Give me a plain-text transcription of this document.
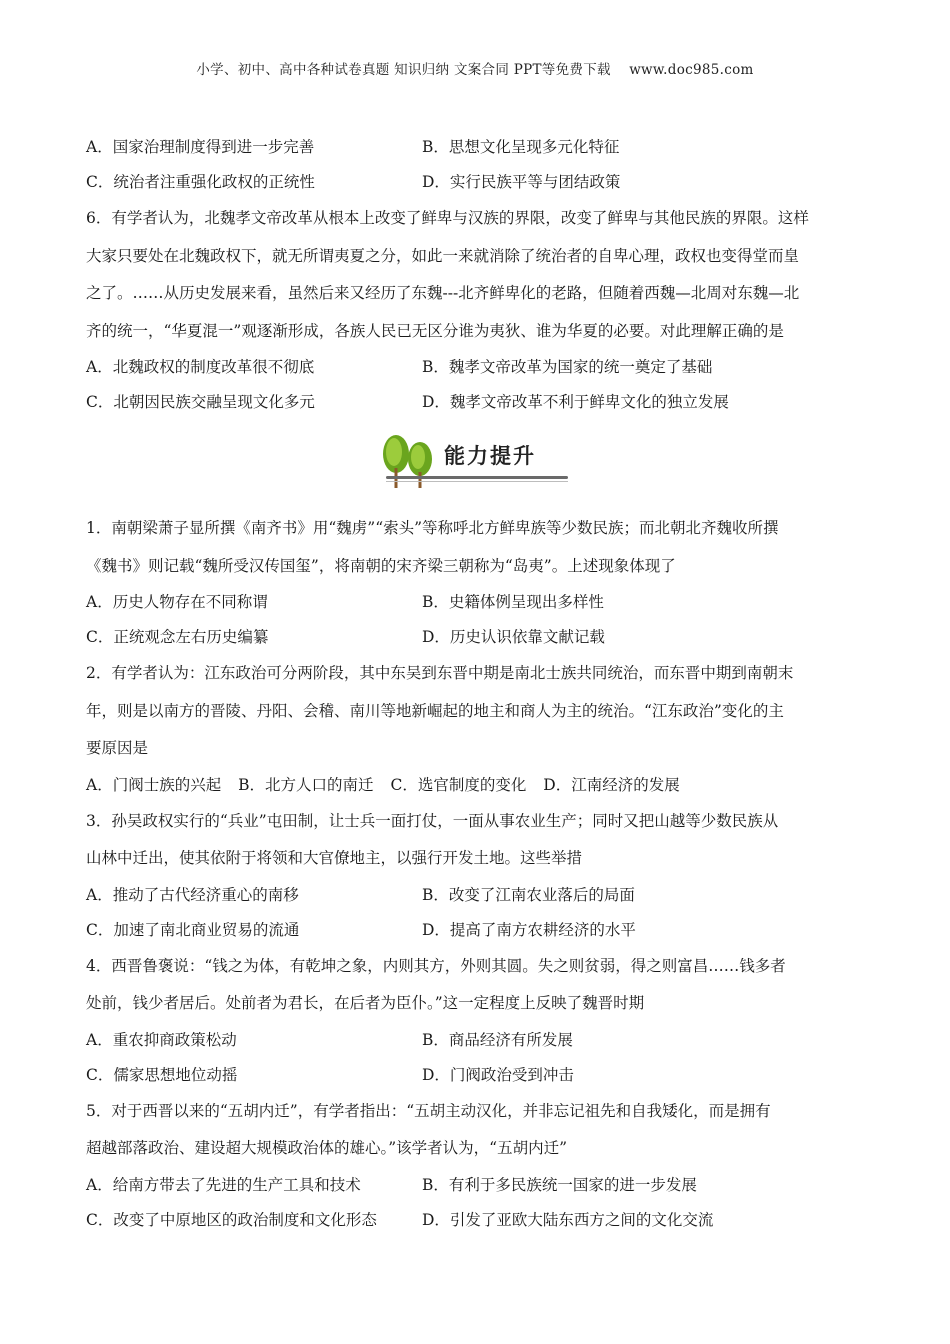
小学、初中、高中各种试卷真题 知识归纳 文案合同 PPT等免费下载　 www.doc985.com
A．国家治理制度得到进一步完善	B．思想文化呈现多元化特征
C．统治者注重强化政权的正统性	D．实行民族平等与团结政策
6．有学者认为，北魏孝文帝改革从根本上改变了鲜卑与汉族的界限，改变了鲜卑与其他民族的界限。这样
大家只要处在北魏政权下，就无所谓夷夏之分，如此一来就消除了统治者的自卑心理，政权也变得堂而皇
之了。……从历史发展来看，虽然后来又经历了东魏---北齐鲜卑化的老路，但随着西魏—北周对东魏—北
齐的统一，“华夏混一”观逐渐形成，各族人民已无区分谁为夷狄、谁为华夏的必要。对此理解正确的是
A．北魏政权的制度改革很不彻底	B．魏孝文帝改革为国家的统一奠定了基础
C．北朝因民族交融呈现文化多元	D．魏孝文帝改革不利于鲜卑文化的独立发展
能力提升
1．南朝梁萧子显所撰《南齐书》用“魏虏”“索头”等称呼北方鲜卑族等少数民族；而北朝北齐魏收所撰
《魏书》则记载“魏所受汉传国玺”，将南朝的宋齐梁三朝称为“岛夷”。上述现象体现了
A．历史人物存在不同称谓	B．史籍体例呈现出多样性
C．正统观念左右历史编纂	D．历史认识依靠文献记载
2．有学者认为：江东政治可分两阶段，其中东吴到东晋中期是南北士族共同统治，而东晋中期到南朝末
年，则是以南方的晋陵、丹阳、会稽、南川等地新崛起的地主和商人为主的统治。“江东政治”变化的主
要原因是
A．门阀士族的兴起 B．北方人口的南迁 C．选官制度的变化 D．江南经济的发展
3．孙吴政权实行的“兵业”屯田制，让士兵一面打仗，一面从事农业生产；同时又把山越等少数民族从
山林中迁出，使其依附于将领和大官僚地主，以强行开发土地。这些举措
A．推动了古代经济重心的南移	B．改变了江南农业落后的局面
C．加速了南北商业贸易的流通	D．提高了南方农耕经济的水平
4．西晋鲁褒说：“钱之为体，有乾坤之象，内则其方，外则其圆。失之则贫弱，得之则富昌……钱多者
处前，钱少者居后。处前者为君长，在后者为臣仆。”这一定程度上反映了魏晋时期
A．重农抑商政策松动	B．商品经济有所发展
C．儒家思想地位动摇	D．门阀政治受到冲击
5．对于西晋以来的“五胡内迁”，有学者指出：“五胡主动汉化，并非忘记祖先和自我矮化，而是拥有
超越部落政治、建设超大规模政治体的雄心。”该学者认为，“五胡内迁”
A．给南方带去了先进的生产工具和技术	B．有利于多民族统一国家的进一步发展
C．改变了中原地区的政治制度和文化形态	D．引发了亚欧大陆东西方之间的文化交流
